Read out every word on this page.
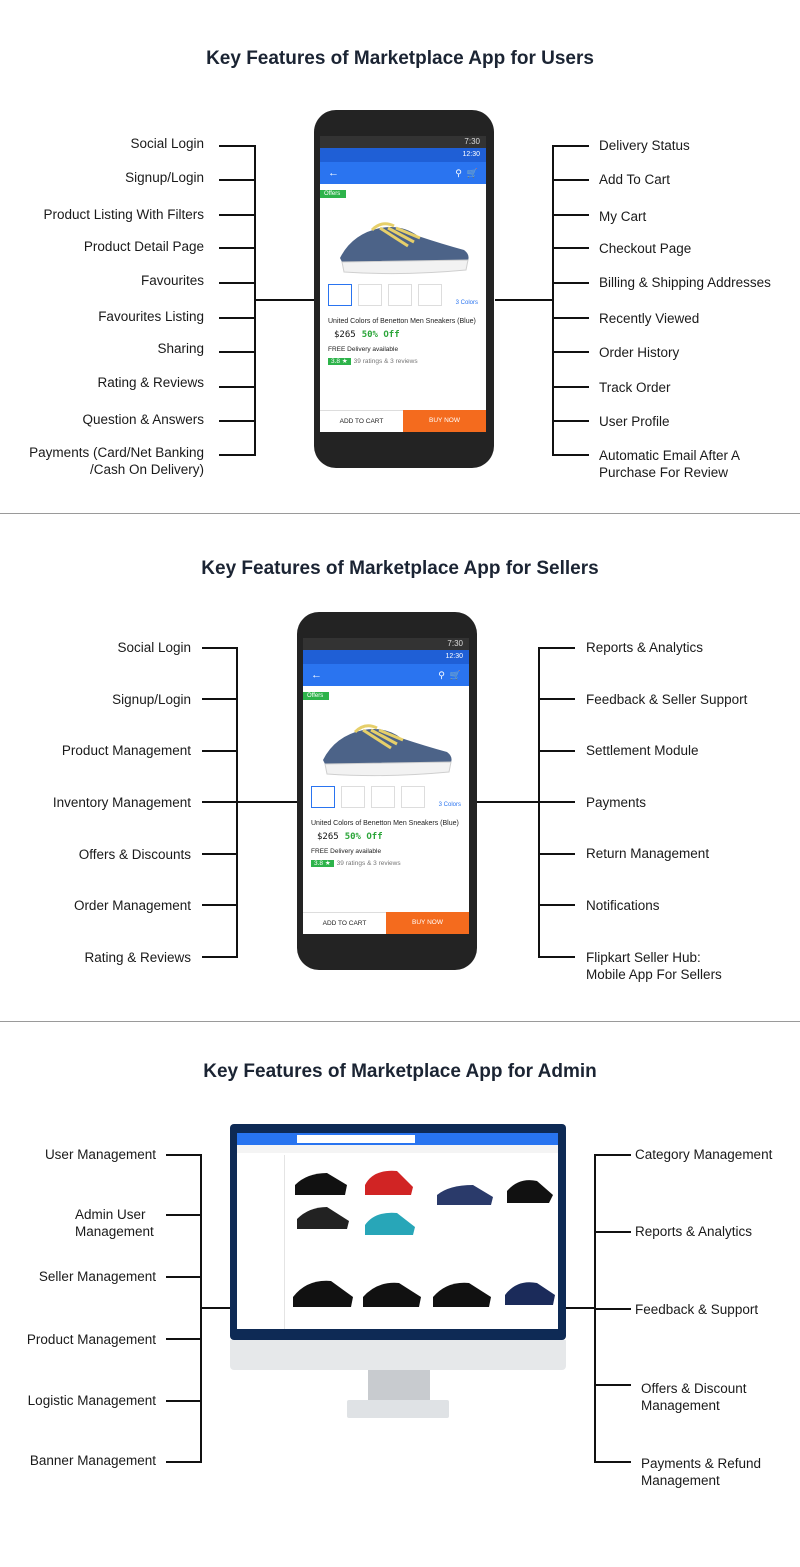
Key Features of Marketplace App for Users
Social Login
Signup/Login
Product Listing With Filters
Product Detail Page
Favourites
Favourites Listing
Sharing
Rating & Reviews
Question & Answers
Payments (Card/Net Banking
/Cash On Delivery)
Delivery Status
Add To Cart
My Cart
Checkout Page
Billing & Shipping Addresses
Recently Viewed
Order History
Track Order
User Profile
Automatic Email After A
Purchase For Review
7:30
12:30
←	⚲  🛒
Offers
3 Colors
United Colors of Benetton Men Sneakers (Blue)
$265 50% Off
FREE Delivery available
3.8 ★ 39 ratings & 3 reviews
ADD TO CART	BUY NOW
Key Features of Marketplace App for Sellers
Social Login
Signup/Login
Product Management
Inventory Management
Offers & Discounts
Order Management
Rating & Reviews
Reports & Analytics
Feedback & Seller Support
Settlement Module
Payments
Return Management
Notifications
Flipkart Seller Hub:
Mobile App For Sellers
7:30
12:30
←	⚲  🛒
Offers
3 Colors
United Colors of Benetton Men Sneakers (Blue)
$265 50% Off
FREE Delivery available
3.8 ★ 39 ratings & 3 reviews
ADD TO CART	BUY NOW
Key Features of Marketplace App for Admin
User Management
Admin User
Management
Seller Management
Product Management
Logistic Management
Banner Management
Category Management
Reports & Analytics
Feedback & Support
Offers & Discount
Management
Payments & Refund
Management
